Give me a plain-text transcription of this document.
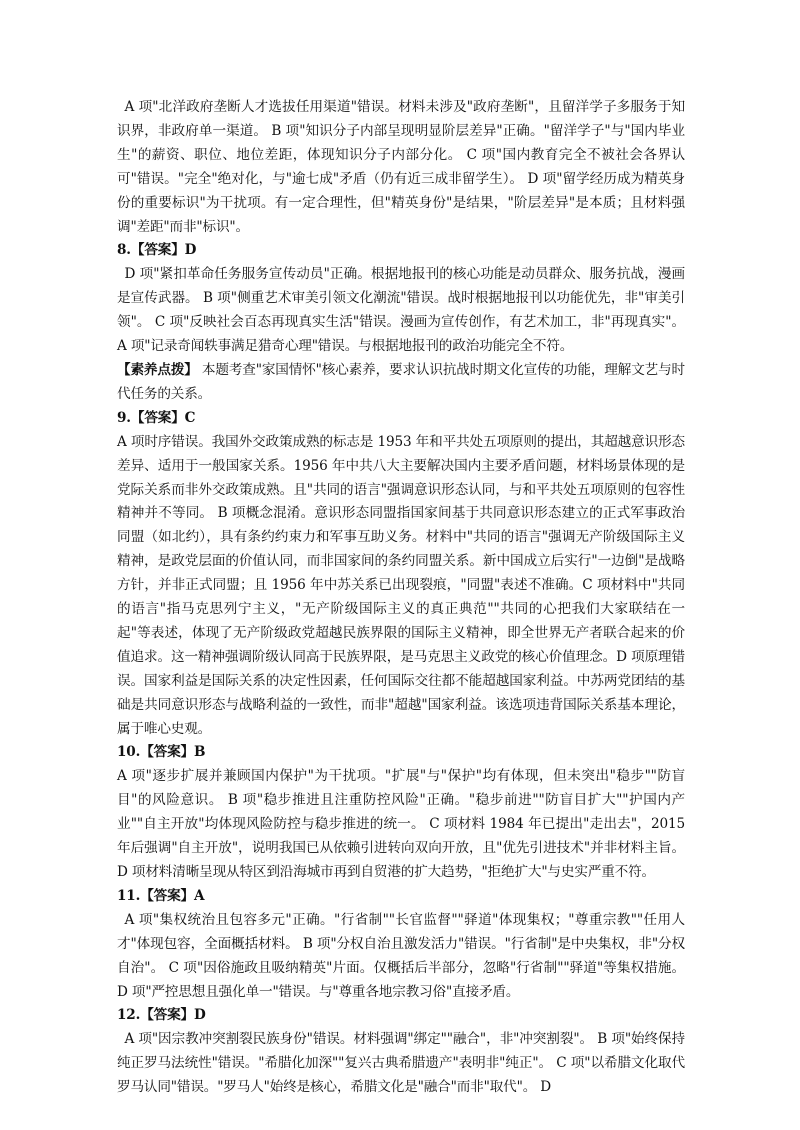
A 项"北洋政府垄断人才选拔任用渠道"错误。材料未涉及"政府垄断"，且留洋学子多服务于知识界，非政府单一渠道。 B 项"知识分子内部呈现明显阶层差异"正确。"留洋学子"与"国内毕业生"的薪资、职位、地位差距，体现知识分子内部分化。 C 项"国内教育完全不被社会各界认可"错误。"完全"绝对化，与"逾七成"矛盾（仍有近三成非留学生）。 D 项"留学经历成为精英身份的重要标识"为干扰项。有一定合理性，但"精英身份"是结果，"阶层差异"是本质；且材料强调"差距"而非"标识"。

8.【答案】D

D 项"紧扣革命任务服务宣传动员"正确。根据地报刊的核心功能是动员群众、服务抗战，漫画是宣传武器。 B 项"侧重艺术审美引领文化潮流"错误。战时根据地报刊以功能优先，非"审美引领"。 C 项"反映社会百态再现真实生活"错误。漫画为宣传创作，有艺术加工，非"再现真实"。 A 项"记录奇闻轶事满足猎奇心理"错误。与根据地报刊的政治功能完全不符。

【素养点拨】 本题考查"家国情怀"核心素养，要求认识抗战时期文化宣传的功能，理解文艺与时代任务的关系。

9.【答案】C

A 项时序错误。我国外交政策成熟的标志是 1953 年和平共处五项原则的提出，其超越意识形态差异、适用于一般国家关系。1956 年中共八大主要解决国内主要矛盾问题，材料场景体现的是党际关系而非外交政策成熟。且"共同的语言"强调意识形态认同，与和平共处五项原则的包容性精神并不等同。 B 项概念混淆。意识形态同盟指国家间基于共同意识形态建立的正式军事政治同盟（如北约），具有条约约束力和军事互助义务。材料中"共同的语言"强调无产阶级国际主义精神，是政党层面的价值认同，而非国家间的条约同盟关系。新中国成立后实行"一边倒"是战略方针，并非正式同盟；且 1956 年中苏关系已出现裂痕，"同盟"表述不准确。C 项材料中"共同的语言"指马克思列宁主义，"无产阶级国际主义的真正典范""共同的心把我们大家联结在一起"等表述，体现了无产阶级政党超越民族界限的国际主义精神，即全世界无产者联合起来的价值追求。这一精神强调阶级认同高于民族界限，是马克思主义政党的核心价值理念。D 项原理错误。国家利益是国际关系的决定性因素，任何国际交往都不能超越国家利益。中苏两党团结的基础是共同意识形态与战略利益的一致性，而非"超越"国家利益。该选项违背国际关系基本理论，属于唯心史观。

10.【答案】B

A 项"逐步扩展并兼顾国内保护"为干扰项。"扩展"与"保护"均有体现，但未突出"稳步""防盲目"的风险意识。 B 项"稳步推进且注重防控风险"正确。"稳步前进""防盲目扩大""护国内产业""自主开放"均体现风险防控与稳步推进的统一。 C 项材料 1984 年已提出"走出去"，2015 年后强调"自主开放"，说明我国已从依赖引进转向双向开放，且"优先引进技术"并非材料主旨。 D 项材料清晰呈现从特区到沿海城市再到自贸港的扩大趋势，"拒绝扩大"与史实严重不符。

11.【答案】A

A 项"集权统治且包容多元"正确。"行省制""长官监督""驿道"体现集权；"尊重宗教""任用人才"体现包容，全面概括材料。 B 项"分权自治且激发活力"错误。"行省制"是中央集权，非"分权自治"。 C 项"因俗施政且吸纳精英"片面。仅概括后半部分，忽略"行省制""驿道"等集权措施。 D 项"严控思想且强化单一"错误。与"尊重各地宗教习俗"直接矛盾。

12.【答案】D

A 项"因宗教冲突割裂民族身份"错误。材料强调"绑定""融合"，非"冲突割裂"。 B 项"始终保持纯正罗马法统性"错误。"希腊化加深""复兴古典希腊遗产"表明非"纯正"。 C 项"以希腊文化取代罗马认同"错误。"罗马人"始终是核心，希腊文化是"融合"而非"取代"。 D
